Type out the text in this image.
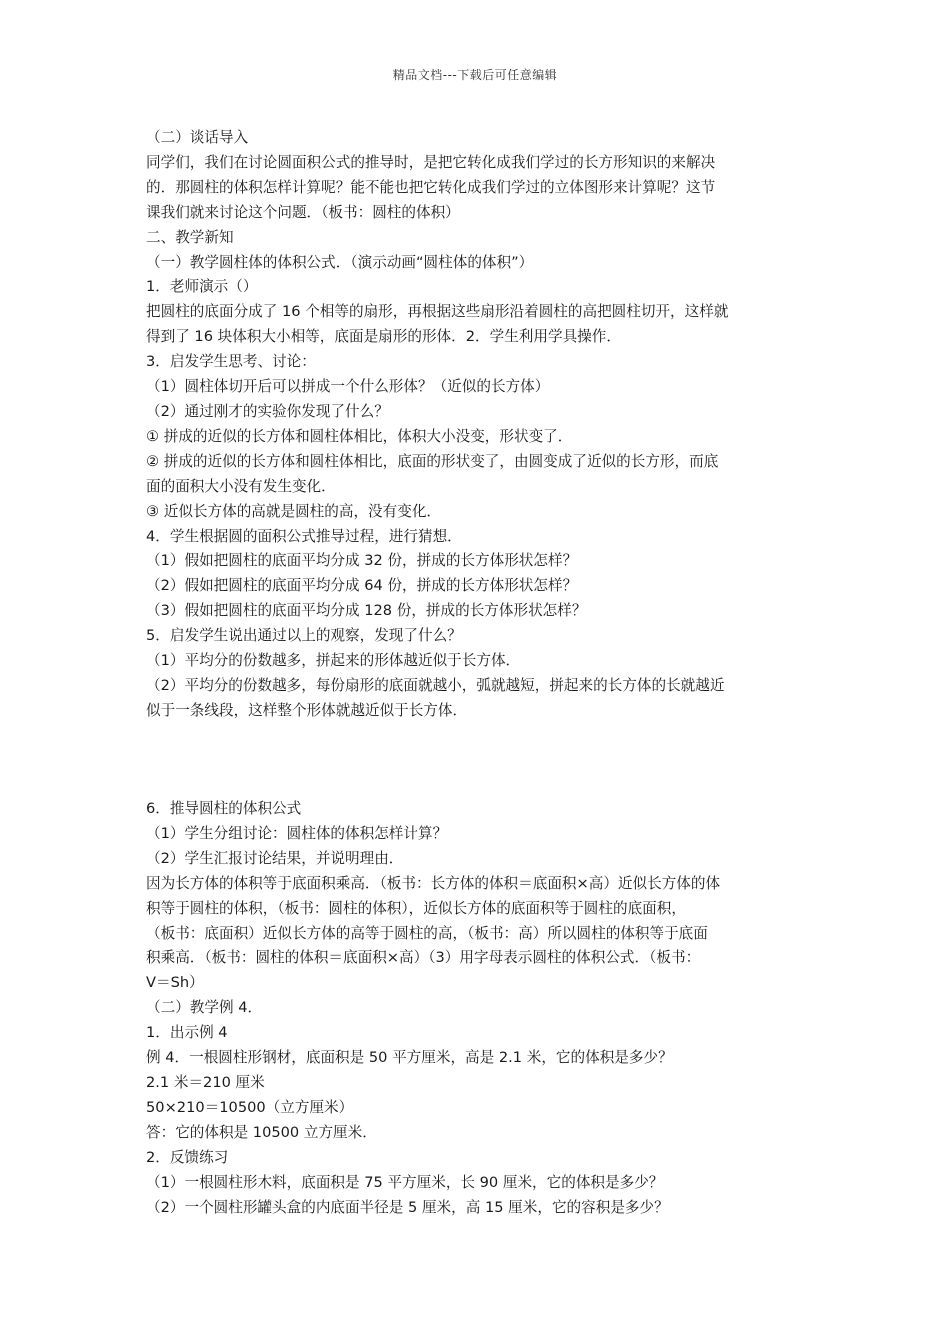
精品文档---下载后可任意编辑
（二）谈话导入
同学们，我们在讨论圆面积公式的推导时，是把它转化成我们学过的长方形知识的来解决
的．那圆柱的体积怎样计算呢？能不能也把它转化成我们学过的立体图形来计算呢？这节
课我们就来讨论这个问题．（板书：圆柱的体积）
二、教学新知
（一）教学圆柱体的体积公式．（演示动画“圆柱体的体积”）
1．老师演示（）
把圆柱的底面分成了 16 个相等的扇形，再根据这些扇形沿着圆柱的高把圆柱切开，这样就
得到了 16 块体积大小相等，底面是扇形的形体．2．学生利用学具操作．
3．启发学生思考、讨论：
（1）圆柱体切开后可以拼成一个什么形体？（近似的长方体）
（2）通过刚才的实验你发现了什么？
① 拼成的近似的长方体和圆柱体相比，体积大小没变，形状变了．
② 拼成的近似的长方体和圆柱体相比，底面的形状变了，由圆变成了近似的长方形，而底
面的面积大小没有发生变化．
③ 近似长方体的高就是圆柱的高，没有变化．
4．学生根据圆的面积公式推导过程，进行猜想．
（1）假如把圆柱的底面平均分成 32 份，拼成的长方体形状怎样？
（2）假如把圆柱的底面平均分成 64 份，拼成的长方体形状怎样？
（3）假如把圆柱的底面平均分成 128 份，拼成的长方体形状怎样？
5．启发学生说出通过以上的观察，发现了什么？
（1）平均分的份数越多，拼起来的形体越近似于长方体．
（2）平均分的份数越多，每份扇形的底面就越小，弧就越短，拼起来的长方体的长就越近
似于一条线段，这样整个形体就越近似于长方体．
6．推导圆柱的体积公式
（1）学生分组讨论：圆柱体的体积怎样计算？
（2）学生汇报讨论结果，并说明理由．
因为长方体的体积等于底面积乘高．（板书：长方体的体积＝底面积×高）近似长方体的体
积等于圆柱的体积，（板书：圆柱的体积），近似长方体的底面积等于圆柱的底面积，
（板书：底面积）近似长方体的高等于圆柱的高，（板书：高）所以圆柱的体积等于底面
积乘高．（板书：圆柱的体积＝底面积×高）（3）用字母表示圆柱的体积公式．（板书：
V＝Sh）
（二）教学例 4．
1．出示例 4
例 4．一根圆柱形钢材，底面积是 50 平方厘米，高是 2.1 米，它的体积是多少？
2.1 米＝210 厘米
50×210＝10500（立方厘米）
答：它的体积是 10500 立方厘米．
2．反馈练习
（1）一根圆柱形木料，底面积是 75 平方厘米，长 90 厘米，它的体积是多少？
（2）一个圆柱形罐头盒的内底面半径是 5 厘米，高 15 厘米，它的容积是多少？
